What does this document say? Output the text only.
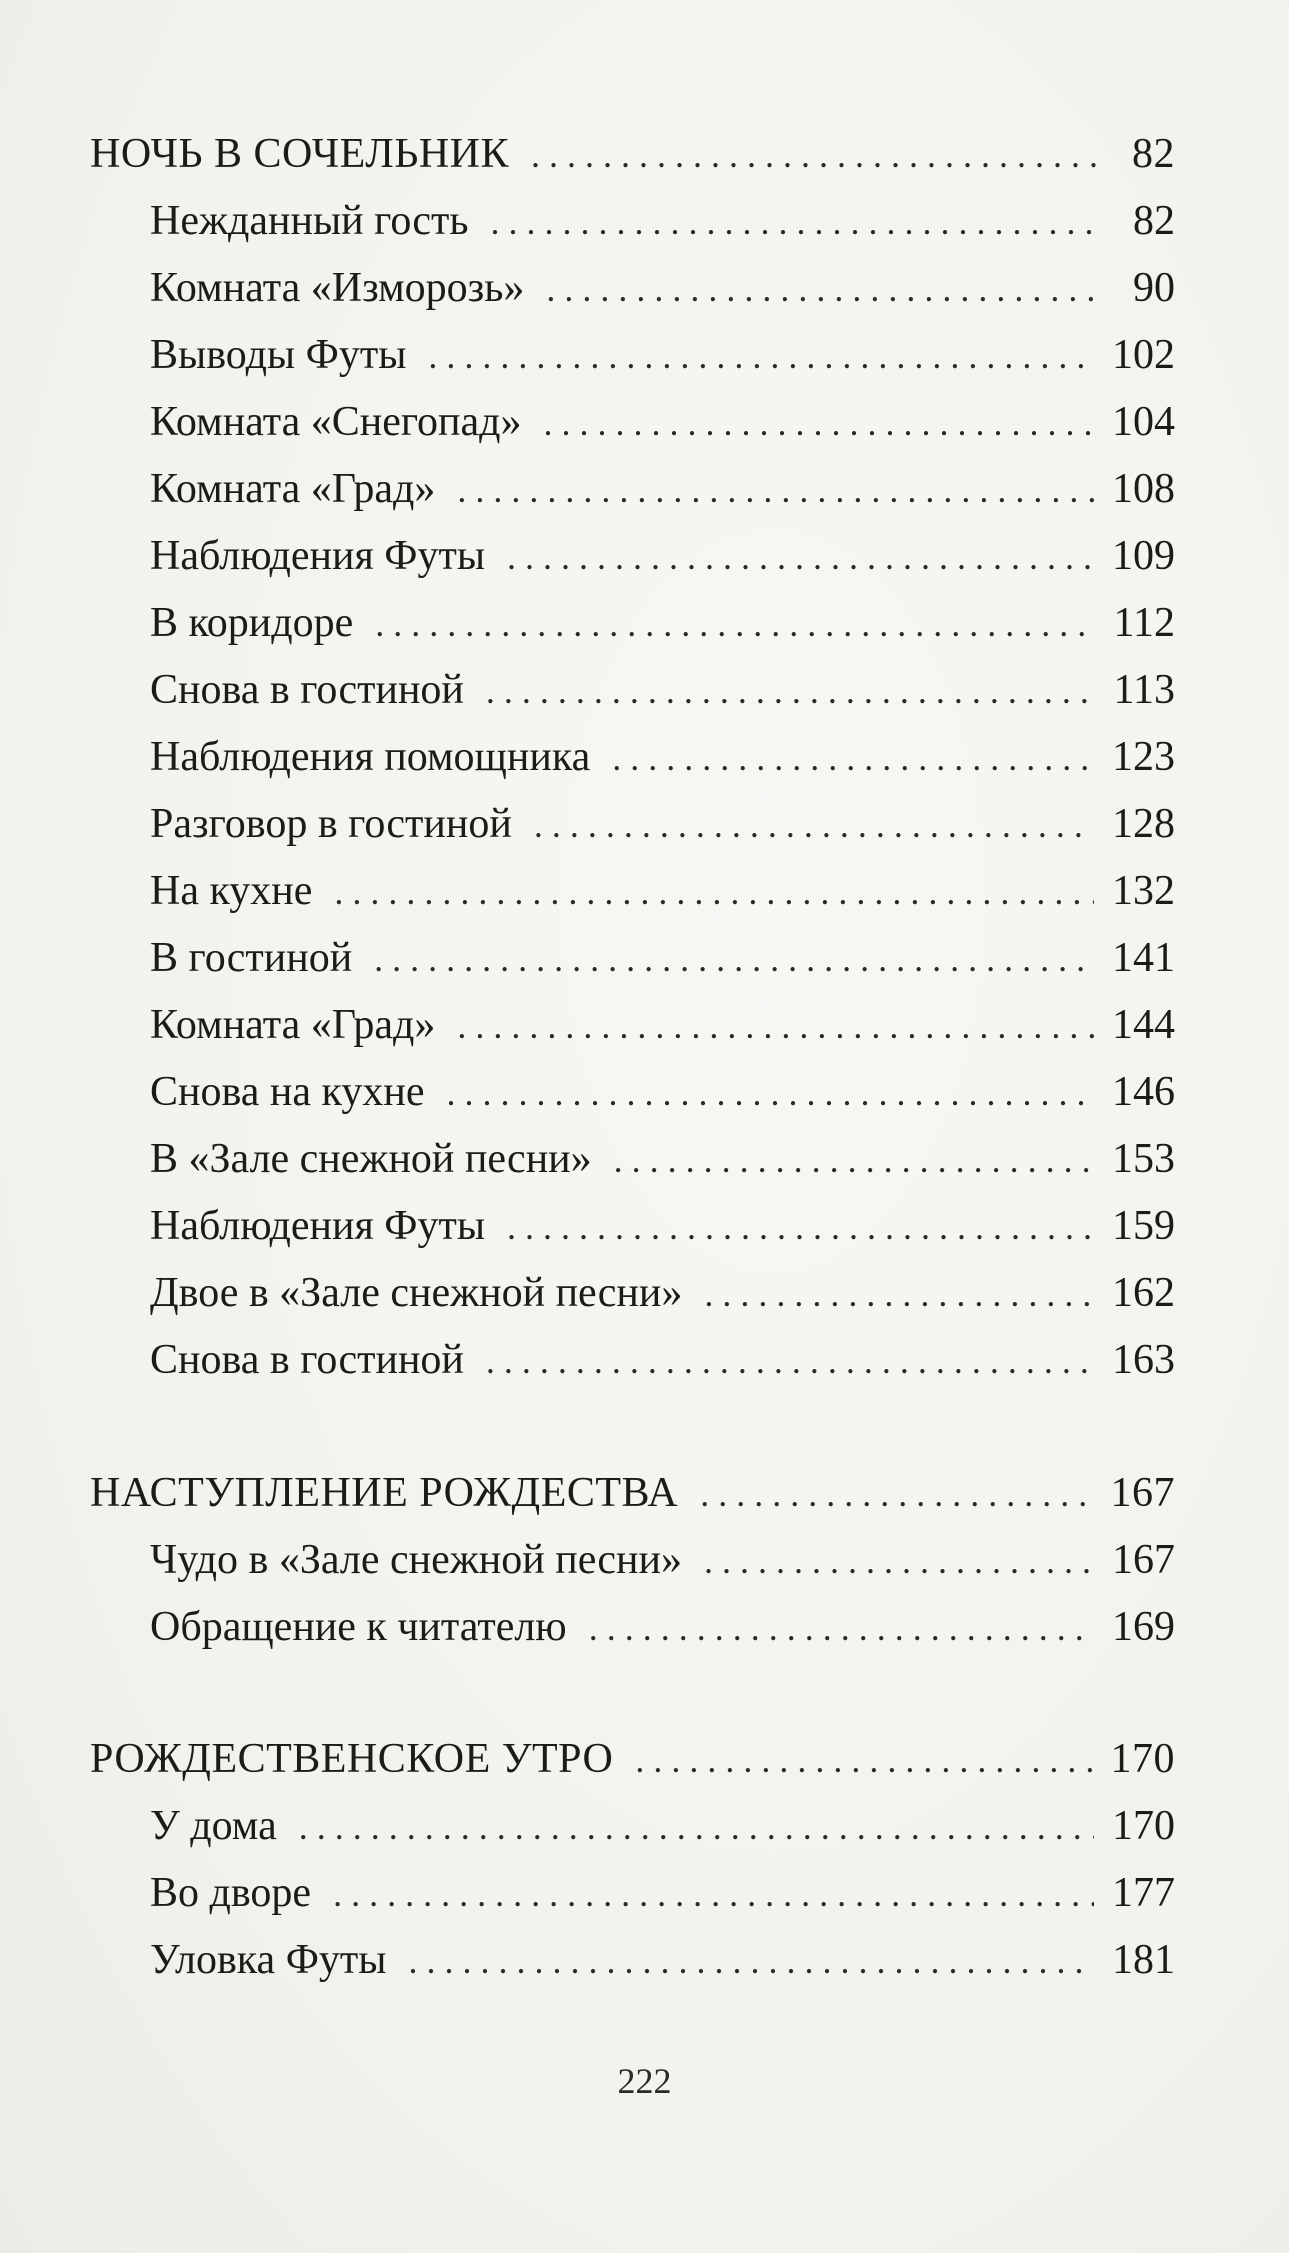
НОЧЬ В СОЧЕЛЬНИК . . .	82
Нежданный гость . . .	82
Комната «Изморозь» . . .	90
Выводы Футы . . .	102
Комната «Снегопад» . . .	104
Комната «Град» . . .	108
Наблюдения Футы . . .	109
В коридоре . . .	112
Снова в гостиной . . .	113
Наблюдения помощника . . .	123
Разговор в гостиной . . .	128
На кухне . . .	132
В гостиной . . .	141
Комната «Град» . . .	144
Снова на кухне . . .	146
В «Зале снежной песни» . . .	153
Наблюдения Футы . . .	159
Двое в «Зале снежной песни» . . .	162
Снова в гостиной . . .	163
НАСТУПЛЕНИЕ РОЖДЕСТВА . . .	167
Чудо в «Зале снежной песни» . . .	167
Обращение к читателю . . .	169
РОЖДЕСТВЕНСКОЕ УТРО . . .	170
У дома . . .	170
Во дворе . . .	177
Уловка Футы . . .	181
222
